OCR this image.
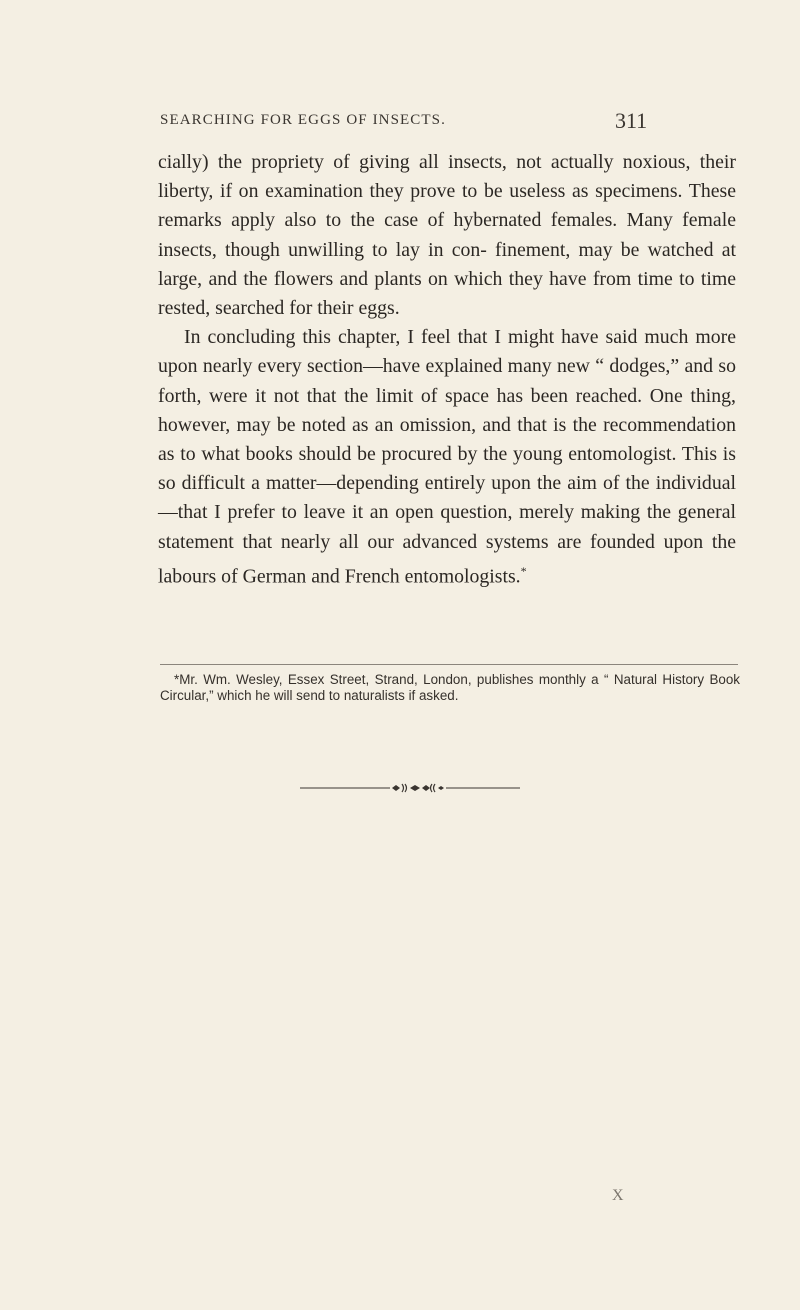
SEARCHING FOR EGGS OF INSECTS.	311

cially) the propriety of giving all insects, not actually noxious, their liberty, if on examination they prove to be useless as specimens. These remarks apply also to the case of hybernated females. Many female insects, though unwilling to lay in con- finement, may be watched at large, and the flowers and plants on which they have from time to time rested, searched for their eggs.

In concluding this chapter, I feel that I might have said much more upon nearly every section—have explained many new “ dodges,” and so forth, were it not that the limit of space has been reached. One thing, however, may be noted as an omission, and that is the recommendation as to what books should be procured by the young entomologist. This is so difficult a matter—depending entirely upon the aim of the individual—that I prefer to leave it an open question, merely making the general statement that nearly all our advanced systems are founded upon the labours of German and French entomologists.*

*Mr. Wm. Wesley, Essex Street, Strand, London, publishes monthly a “ Natural History Book Circular,” which he will send to naturalists if asked.

X
